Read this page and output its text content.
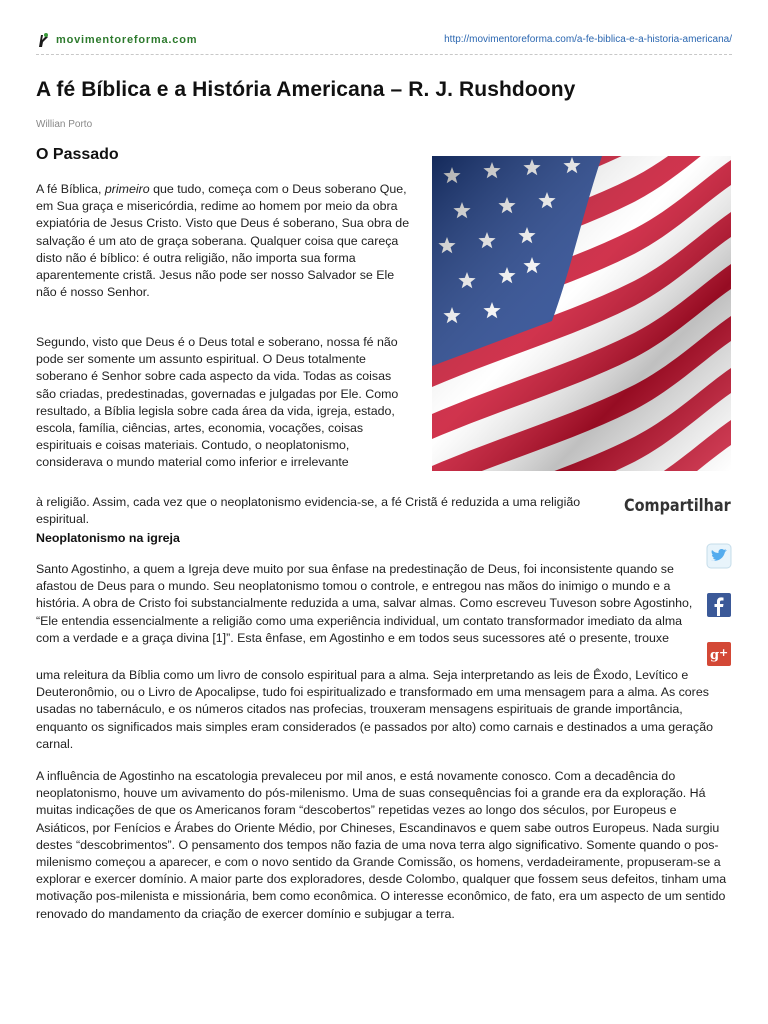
movimentoreforma.com	http://movimentoreforma.com/a-fe-biblica-e-a-historia-americana/
A fé Bíblica e a História Americana – R. J. Rushdoony
Willian Porto
O Passado

A fé Bíblica, primeiro que tudo, começa com o Deus soberano Que, em Sua graça e misericórdia, redime ao homem por meio da obra expiatória de Jesus Cristo. Visto que Deus é soberano, Sua obra de salvação é um ato de graça soberana. Qualquer coisa que careça disto não é bíblico: é outra religião, não importa sua forma aparentemente cristã. Jesus não pode ser nosso Salvador se Ele não é nosso Senhor.

Segundo, visto que Deus é o Deus total e soberano, nossa fé não pode ser somente um assunto espiritual. O Deus totalmente soberano é Senhor sobre cada aspecto da vida. Todas as coisas são criadas, predestinadas, governadas e julgadas por Ele. Como resultado, a Bíblia legisla sobre cada área da vida, igreja, estado, escola, família, ciências, artes, economia, vocações, coisas espirituais e coisas materiais. Contudo, o neoplatonismo, considerava o mundo material como inferior e irrelevante

à religião. Assim, cada vez que o neoplatonismo evidencia-se, a fé Cristã é reduzida a uma religião espiritual.

Neoplatonismo na igreja

Santo Agostinho, a quem a Igreja deve muito por sua ênfase na predestinação de Deus, foi inconsistente quando se afastou de Deus para o mundo. Seu neoplatonismo tomou o controle, e entregou nas mãos do inimigo o mundo e a história. A obra de Cristo foi substancialmente reduzida a uma, salvar almas. Como escreveu Tuveson sobre Agostinho, “Ele entendia essencialmente a religião como uma experiência individual, um contato transformador imediato da alma com a verdade e a graça divina [1]”. Esta ênfase, em Agostinho e em todos seus sucessores até o presente, trouxe

uma releitura da Bíblia como um livro de consolo espiritual para a alma. Seja interpretando as leis de Êxodo, Levítico e Deuteronômio, ou o Livro de Apocalipse, tudo foi espiritualizado e transformado em uma mensagem para a alma. As cores usadas no tabernáculo, e os números citados nas profecias, trouxeram mensagens espirituais de grande importância, enquanto os significados mais simples eram considerados (e passados por alto) como carnais e destinados a uma geração carnal.

A influência de Agostinho na escatologia prevaleceu por mil anos, e está novamente conosco. Com a decadência do neoplatonismo, houve um avivamento do pós-milenismo. Uma de suas consequências foi a grande era da exploração. Há muitas indicações de que os Americanos foram “descobertos” repetidas vezes ao longo dos séculos, por Europeus e Asiáticos, por Fenícios e Árabes do Oriente Médio, por Chineses, Escandinavos e quem sabe outros Europeus. Nada surgiu destes “descobrimentos”. O pensamento dos tempos não fazia de uma nova terra algo significativo. Somente quando o pos-milenismo começou a aparecer, e com o novo sentido da Grande Comissão, os homens, verdadeiramente, propuseram-se a explorar e exercer domínio. A maior parte dos exploradores, desde Colombo, qualquer que fossem seus defeitos, tinham uma motivação pos-milenista e missionária, bem como econômica. O interesse econômico, de fato, era um aspecto de um sentido renovado do mandamento da criação de exercer domínio e subjugar a terra.

Compartilhar
g +
